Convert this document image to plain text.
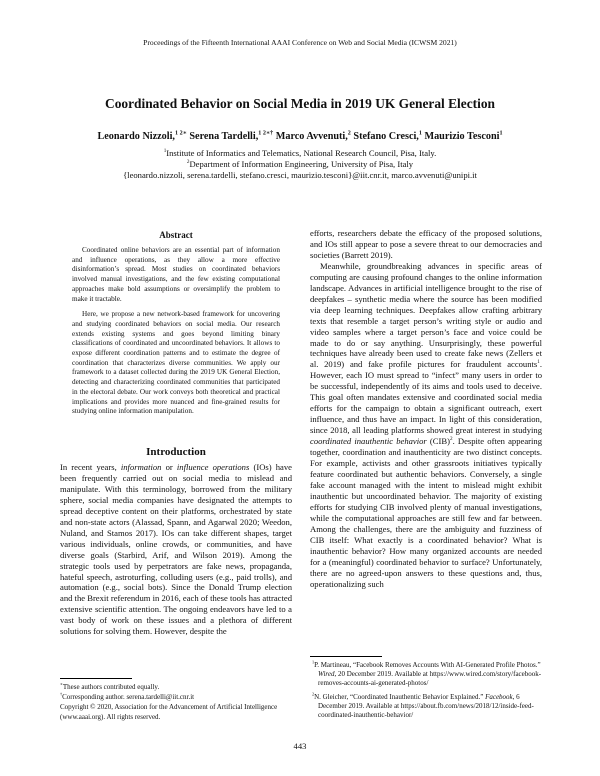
Proceedings of the Fifteenth International AAAI Conference on Web and Social Media (ICWSM 2021)
Coordinated Behavior on Social Media in 2019 UK General Election
Leonardo Nizzoli,$^{1 2∗}$ Serena Tardelli,$^{1 2∗\dagger}$ Marco Avvenuti,$^2$ Stefano Cresci,$^1$ Maurizio Tesconi$^1$
$^1$Institute of Informatics and Telematics, National Research Council, Pisa, Italy.
$^2$Department of Information Engineering, University of Pisa, Italy
{leonardo.nizzoli, serena.tardelli, stefano.cresci, maurizio.tesconi}@iit.cnr.it, marco.avvenuti@unipi.it
Abstract

Coordinated online behaviors are an essential part of information and influence operations, as they allow a more effective disinformation’s spread. Most studies on coordinated behaviors involved manual investigations, and the few existing computational approaches make bold assumptions or oversimplify the problem to make it tractable.

Here, we propose a new network-based framework for uncovering and studying coordinated behaviors on social media. Our research extends existing systems and goes beyond limiting binary classifications of coordinated and uncoordinated behaviors. It allows to expose different coordination patterns and to estimate the degree of coordination that characterizes diverse communities. We apply our framework to a dataset collected during the 2019 UK General Election, detecting and characterizing coordinated communities that participated in the electoral debate. Our work conveys both theoretical and practical implications and provides more nuanced and fine-grained results for studying online information manipulation.

Introduction

In recent years, information or influence operations (IOs) have been frequently carried out on social media to mislead and manipulate. With this terminology, borrowed from the military sphere, social media companies have designated the attempts to spread deceptive content on their platforms, orchestrated by state and non-state actors (Alassad, Spann, and Agarwal 2020; Weedon, Nuland, and Stamos 2017). IOs can take different shapes, target various individuals, online crowds, or communities, and have diverse goals (Starbird, Arif, and Wilson 2019). Among the strategic tools used by perpetrators are fake news, propaganda, hateful speech, astroturfing, colluding users (e.g., paid trolls), and automation (e.g., social bots). Since the Donald Trump election and the Brexit referendum in 2016, each of these tools has attracted extensive scientific attention. The ongoing endeavors have led to a vast body of work on these issues and a plethora of different solutions for solving them. However, despite the

∗These authors contributed equally.

†Corresponding author. serena.tardelli@iit.cnr.it

Copyright © 2020, Association for the Advancement of Artificial Intelligence (www.aaai.org). All rights reserved.

efforts, researchers debate the efficacy of the proposed solutions, and IOs still appear to pose a severe threat to our democracies and societies (Barrett 2019).

Meanwhile, groundbreaking advances in specific areas of computing are causing profound changes to the online information landscape. Advances in artificial intelligence brought to the rise of deepfakes – synthetic media where the source has been modified via deep learning techniques. Deepfakes allow crafting arbitrary texts that resemble a target person’s writing style or audio and video samples where a target person’s face and voice could be made to do or say anything. Unsurprisingly, these powerful techniques have already been used to create fake news (Zellers et al. 2019) and fake profile pictures for fraudulent accounts$^1$. However, each IO must spread to “infect” many users in order to be successful, independently of its aims and tools used to deceive. This goal often mandates extensive and coordinated social media efforts for the campaign to obtain a significant outreach, exert influence, and thus have an impact. In light of this consideration, since 2018, all leading platforms showed great interest in studying coordinated inauthentic behavior (CIB)$^2$. Despite often appearing together, coordination and inauthenticity are two distinct concepts. For example, activists and other grassroots initiatives typically feature coordinated but authentic behaviors. Conversely, a single fake account managed with the intent to mislead might exhibit inauthentic but uncoordinated behavior. The majority of existing efforts for studying CIB involved plenty of manual investigations, while the computational approaches are still few and far between. Among the challenges, there are the ambiguity and fuzziness of CIB itself: What exactly is a coordinated behavior? What is inauthentic behavior? How many organized accounts are needed for a (meaningful) coordinated behavior to surface? Unfortunately, there are no agreed-upon answers to these questions and, thus, operationalizing such

$^1$P. Martineau, “Facebook Removes Accounts With AI-Generated Profile Photos.” Wired, 20 December 2019. Available at https://www.wired.com/story/facebook-removes-accounts-ai-generated-photos/

$^2$N. Gleicher, “Coordinated Inauthentic Behavior Explained.” Facebook, 6 December 2019. Available at https://about.fb.com/news/2018/12/inside-feed-coordinated-inauthentic-behavior/

443
